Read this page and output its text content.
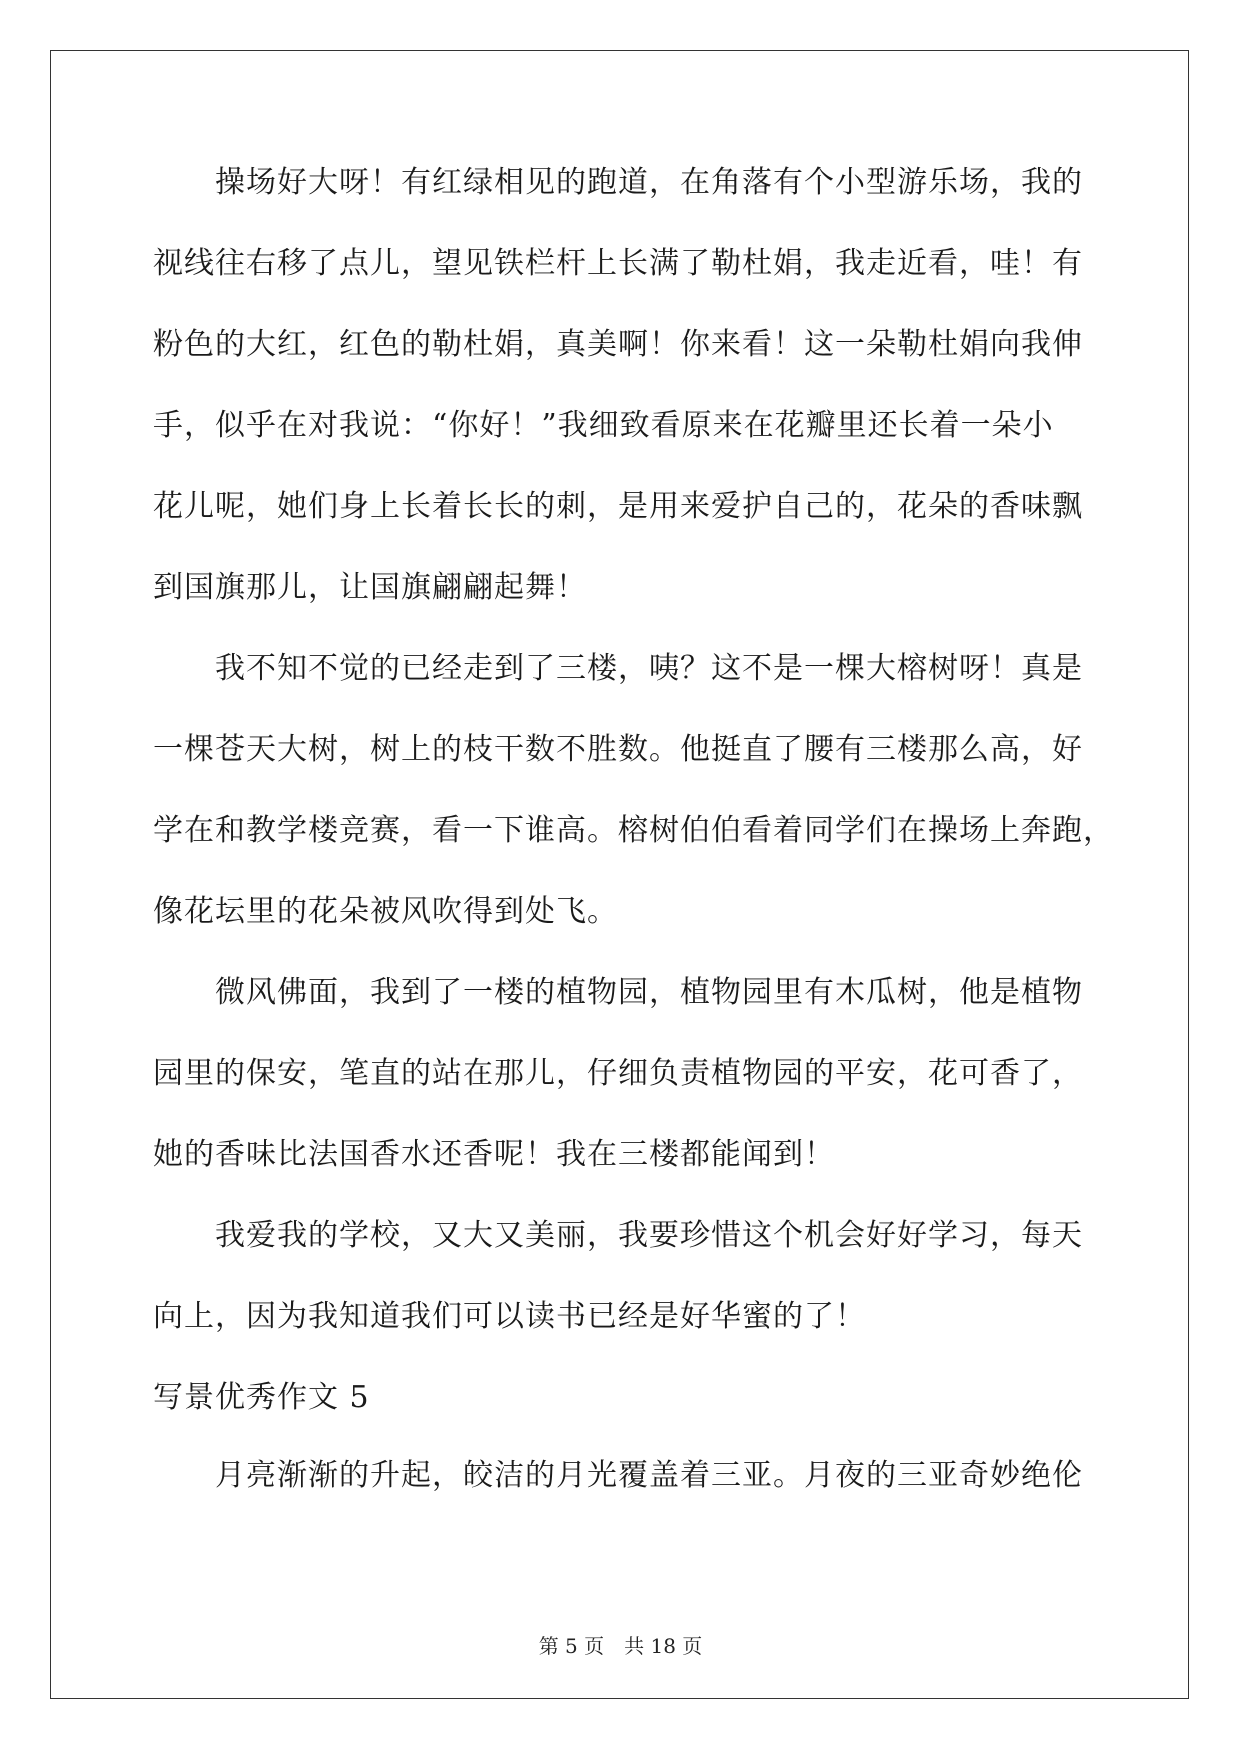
操场好大呀！有红绿相见的跑道，在角落有个小型游乐场，我的
视线往右移了点儿，望见铁栏杆上长满了勒杜娟，我走近看，哇！有
粉色的大红，红色的勒杜娟，真美啊！你来看！这一朵勒杜娟向我伸
手，似乎在对我说：“你好！”我细致看原来在花瓣里还长着一朵小
花儿呢，她们身上长着长长的刺，是用来爱护自己的，花朵的香味飘
到国旗那儿，让国旗翩翩起舞！
我不知不觉的已经走到了三楼，咦？这不是一棵大榕树呀！真是
一棵苍天大树，树上的枝干数不胜数。他挺直了腰有三楼那么高，好
学在和教学楼竞赛，看一下谁高。榕树伯伯看着同学们在操场上奔跑，
像花坛里的花朵被风吹得到处飞。
微风佛面，我到了一楼的植物园，植物园里有木瓜树，他是植物
园里的保安，笔直的站在那儿，仔细负责植物园的平安，花可香了，
她的香味比法国香水还香呢！我在三楼都能闻到！
我爱我的学校，又大又美丽，我要珍惜这个机会好好学习，每天
向上，因为我知道我们可以读书已经是好华蜜的了！
写景优秀作文 5
月亮渐渐的升起，皎洁的月光覆盖着三亚。月夜的三亚奇妙绝伦
第 5 页　共 18 页
